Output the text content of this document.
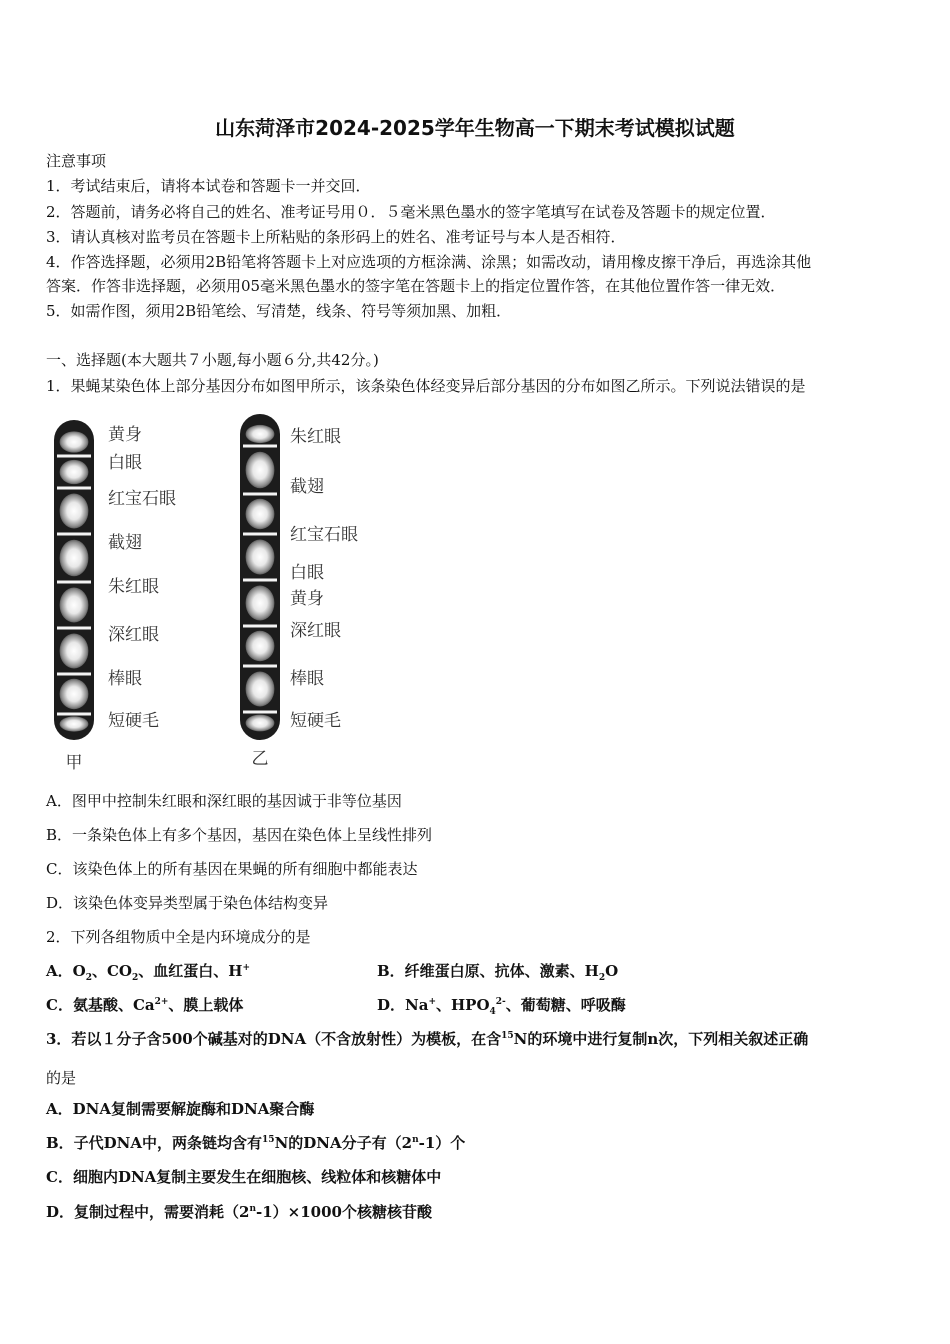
山东菏泽市2024-2025学年生物高一下期末考试模拟试题
注意事项
1．考试结束后，请将本试卷和答题卡一并交回．
2．答题前，请务必将自己的姓名、准考证号用０．５毫米黑色墨水的签字笔填写在试卷及答题卡的规定位置．
3．请认真核对监考员在答题卡上所粘贴的条形码上的姓名、准考证号与本人是否相符．
4．作答选择题，必须用2B铅笔将答题卡上对应选项的方框涂满、涂黑；如需改动，请用橡皮擦干净后，再选涂其他
答案．作答非选择题，必须用05毫米黑色墨水的签字笔在答题卡上的指定位置作答，在其他位置作答一律无效．
5．如需作图，须用2B铅笔绘、写清楚，线条、符号等须加黑、加粗．
一、选择题(本大题共７小题,每小题６分,共42分。)
1．果蝇某染色体上部分基因分布如图甲所示，该条染色体经变异后部分基因的分布如图乙所示。下列说法错误的是
黄身
白眼
红宝石眼
截翅
朱红眼
深红眼
棒眼
短硬毛
朱红眼
截翅
红宝石眼
白眼
黄身
深红眼
棒眼
短硬毛
甲	乙
A．图甲中控制朱红眼和深红眼的基因诚于非等位基因
B．一条染色体上有多个基因，基因在染色体上呈线性排列
C．该染色体上的所有基因在果蝇的所有细胞中都能表达
D．该染色体变异类型属于染色体结构变异
2．下列各组物质中全是内环境成分的是
A．$O_2$、$CO_2$、血红蛋白、H+	B．纤维蛋白原、抗体、激素、$H_2O$
C．氨基酸、$Ca^{2+}$、膜上载体	D．Na+、$HPO_4^{2-}$、葡萄糖、呼吸酶
3．若以１分子含500个碱基对的DNA（不含放射性）为模板，在含$^{15}$N的环境中进行复制n次，下列相关叙述正确
的是
A．DNA复制需要解旋酶和DNA聚合酶
B．子代DNA中，两条链均含有$^{15}$N的DNA分子有（2$^n$-1）个
C．细胞内DNA复制主要发生在细胞核、线粒体和核糖体中
D．复制过程中，需要消耗$(2^n-1)\times 1000$个核糖核苷酸
